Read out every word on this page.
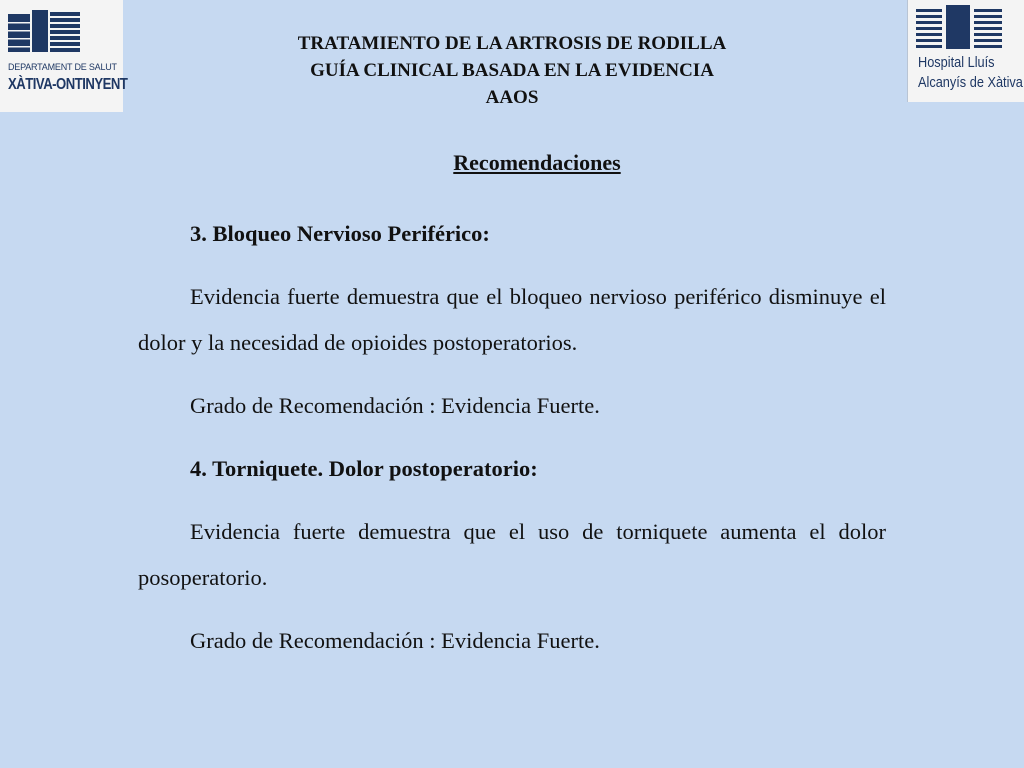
DEPARTAMENT DE SALUT
XÀTIVA-ONTINYENT
Hospital Lluís
Alcanyís de Xàtiva
TRATAMIENTO DE LA ARTROSIS DE RODILLA
GUÍA CLINICAL BASADA EN LA EVIDENCIA
AAOS
Recomendaciones

3. Bloqueo Nervioso Periférico:

Evidencia fuerte demuestra que el bloqueo nervioso periférico disminuye el dolor y la necesidad de opioides postoperatorios.

Grado de Recomendación : Evidencia Fuerte.

4. Torniquete. Dolor postoperatorio:

Evidencia fuerte demuestra que el uso de torniquete aumenta el dolor posoperatorio.

Grado de Recomendación : Evidencia Fuerte.
